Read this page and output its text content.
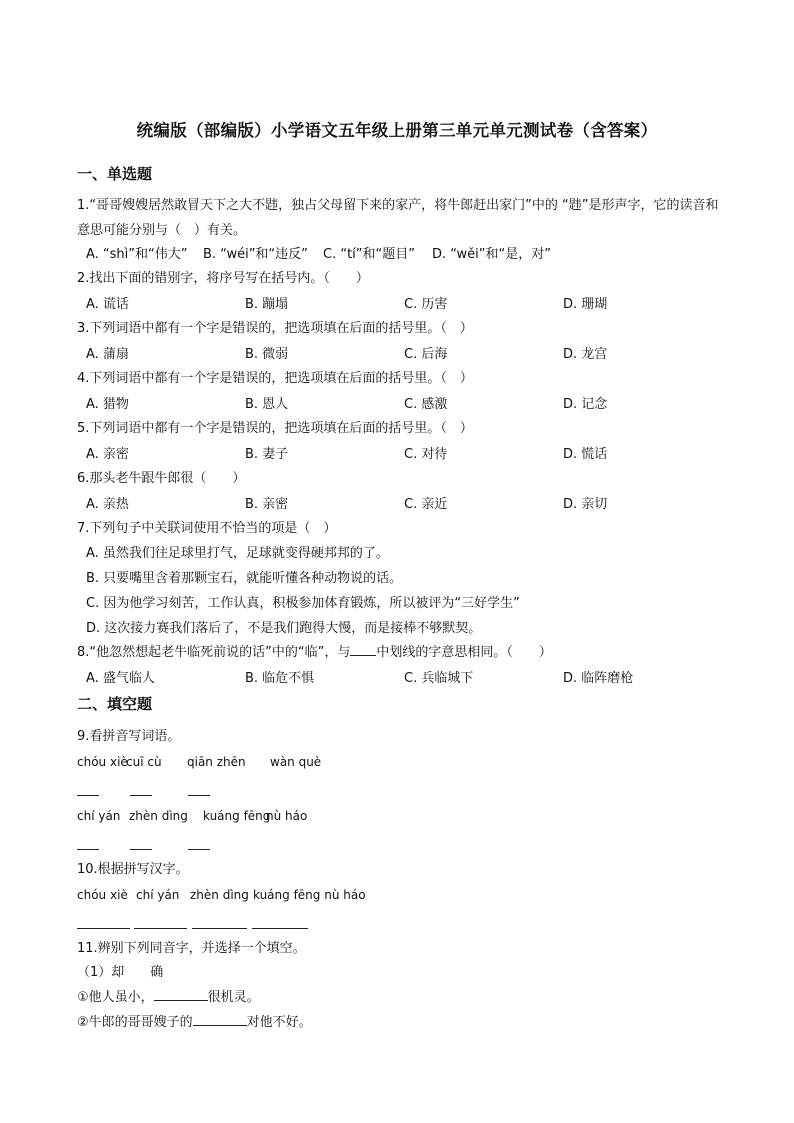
统编版（部编版）小学语文五年级上册第三单元单元测试卷（含答案）
一、单选题
1.“哥哥嫂嫂居然敢冒天下之大不韪，独占父母留下来的家产，将牛郎赶出家门”中的 “韪”是形声字，它的读音和意思可能分别与（　）有关。
A. “shì”和“伟大” B. “wéi”和“违反” C. “tí”和“题目” D. “wěi”和“是，对”
2.找出下面的错别字，将序号写在括号内。（　　）
A. 谎话	B. 蹦塌	C. 历害	D. 珊瑚
3.下列词语中都有一个字是错误的，把选项填在后面的括号里。（　）
A. 蒲扇	B. 微弱	C. 后海	D. 龙宫
4.下列词语中都有一个字是错误的，把选项填在后面的括号里。（　）
A. 猎物	B. 恩人	C. 感激	D. 记念
5.下列词语中都有一个字是错误的，把选项填在后面的括号里。（　）
A. 亲密	B. 妻子	C. 对待	D. 慌话
6.那头老牛跟牛郎很（　　）
A. 亲热	B. 亲密	C. 亲近	D. 亲切
7.下列句子中关联词使用不恰当的项是（　）
A. 虽然我们往足球里打气，足球就变得硬邦邦的了。
B. 只要嘴里含着那颗宝石，就能听懂各种动物说的话。
C. 因为他学习刻苦，工作认真，积极参加体育锻炼，所以被评为“三好学生”
D. 这次接力赛我们落后了，不是我们跑得大慢，而是接棒不够默契。
8.“他忽然想起老牛临死前说的话”中的“临”，与 中划线的字意思相同。（　　）
A. 盛气临人	B. 临危不惧	C. 兵临城下	D. 临阵磨枪
二、填空题
9.看拼音写词语。
chóu xiè
cuī cù qiān zhēn wàn què
chí yán zhèn dìng kuáng fēng
nù háo
10.根据拼写汉字。
chóu xiè chí yán zhèn dìng kuáng fēng nù háo
11.辨别下列同音字，并选择一个填空。
（1）却　　确
①他人虽小，	很机灵。
②牛郎的哥哥嫂子的	对他不好。
